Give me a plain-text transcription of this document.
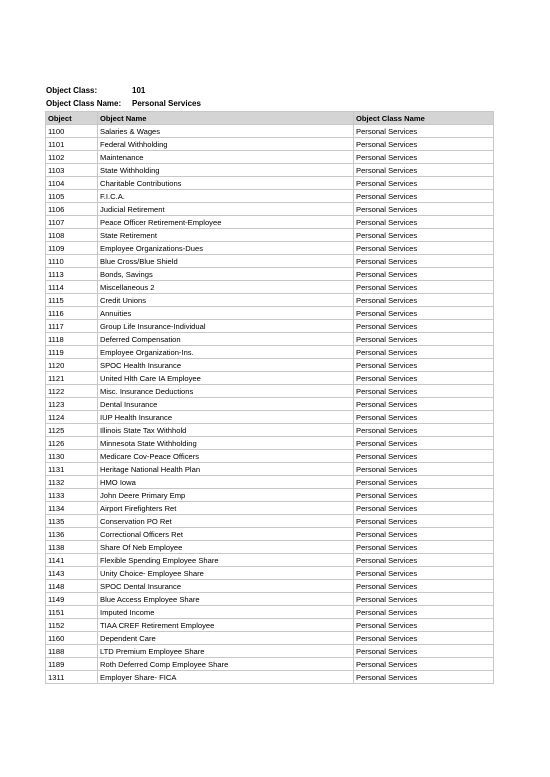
Object Class:	101
Object Class Name:	Personal Services
Object	Object Name	Object Class Name
1100	Salaries & Wages	Personal Services
1101	Federal Withholding	Personal Services
1102	Maintenance	Personal Services
1103	State Withholding	Personal Services
1104	Charitable Contributions	Personal Services
1105	F.I.C.A.	Personal Services
1106	Judicial Retirement	Personal Services
1107	Peace Officer Retirement-Employee	Personal Services
1108	State Retirement	Personal Services
1109	Employee Organizations-Dues	Personal Services
1110	Blue Cross/Blue Shield	Personal Services
1113	Bonds, Savings	Personal Services
1114	Miscellaneous 2	Personal Services
1115	Credit Unions	Personal Services
1116	Annuities	Personal Services
1117	Group Life Insurance-Individual	Personal Services
1118	Deferred Compensation	Personal Services
1119	Employee Organization-Ins.	Personal Services
1120	SPOC Health Insurance	Personal Services
1121	United Hlth Care IA Employee	Personal Services
1122	Misc. Insurance Deductions	Personal Services
1123	Dental Insurance	Personal Services
1124	IUP Health Insurance	Personal Services
1125	Illinois State Tax Withhold	Personal Services
1126	Minnesota State Withholding	Personal Services
1130	Medicare Cov-Peace Officers	Personal Services
1131	Heritage National Health Plan	Personal Services
1132	HMO Iowa	Personal Services
1133	John Deere Primary Emp	Personal Services
1134	Airport Firefighters Ret	Personal Services
1135	Conservation PO Ret	Personal Services
1136	Correctional Officers Ret	Personal Services
1138	Share Of Neb Employee	Personal Services
1141	Flexible Spending Employee Share	Personal Services
1143	Unity Choice- Employee Share	Personal Services
1148	SPOC Dental Insurance	Personal Services
1149	Blue Access Employee Share	Personal Services
1151	Imputed Income	Personal Services
1152	TIAA CREF Retirement Employee	Personal Services
1160	Dependent Care	Personal Services
1188	LTD Premium Employee Share	Personal Services
1189	Roth Deferred Comp Employee Share	Personal Services
1311	Employer Share- FICA	Personal Services
